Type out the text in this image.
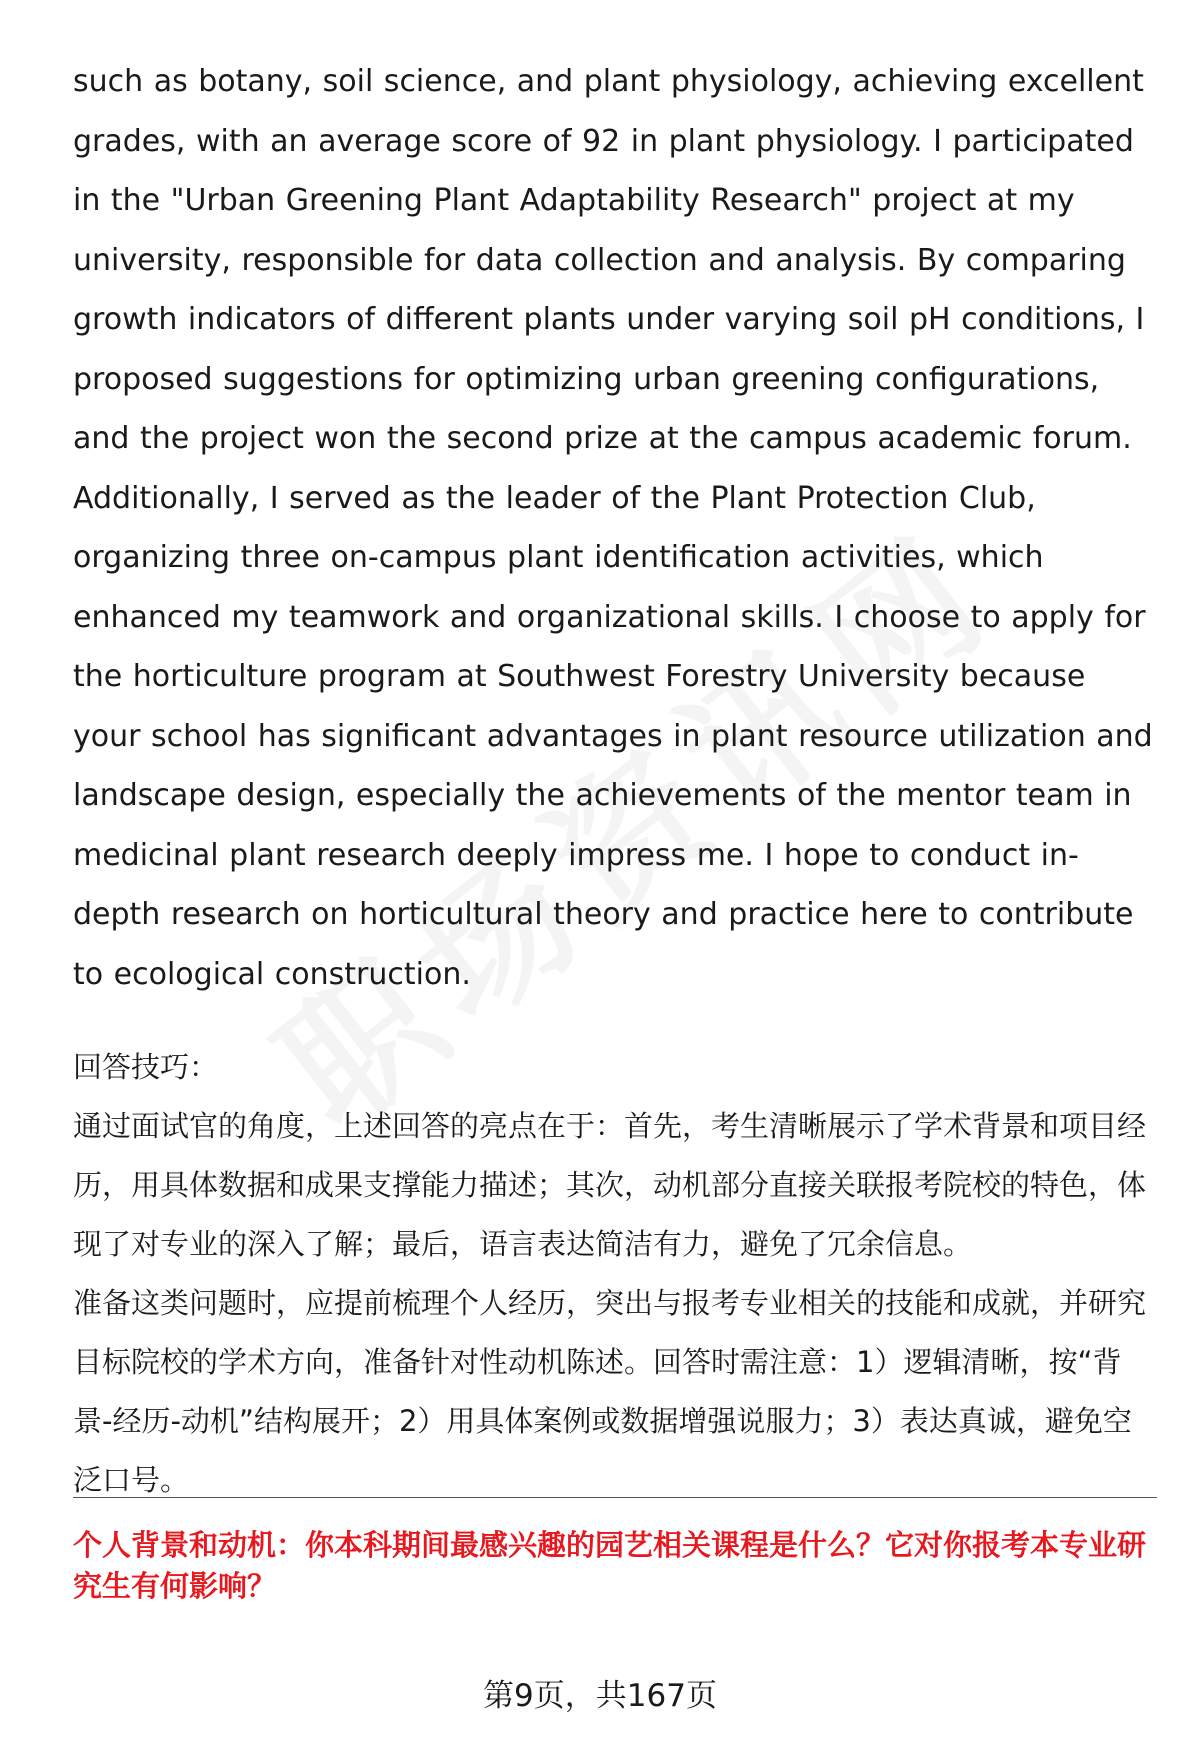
such as botany, soil science, and plant physiology, achieving excellent grades, with an average score of 92 in plant physiology. I participated in the "Urban Greening Plant Adaptability Research" project at my university, responsible for data collection and analysis. By comparing growth indicators of different plants under varying soil pH conditions, I proposed suggestions for optimizing urban greening configurations, and the project won the second prize at the campus academic forum. Additionally, I served as the leader of the Plant Protection Club, organizing three on-campus plant identification activities, which enhanced my teamwork and organizational skills. I choose to apply for the horticulture program at Southwest Forestry University because your school has significant advantages in plant resource utilization and landscape design, especially the achievements of the mentor team in medicinal plant research deeply impress me. I hope to conduct in-depth research on horticultural theory and practice here to contribute to ecological construction.

回答技巧：

通过面试官的角度，上述回答的亮点在于：首先，考生清晰展示了学术背景和项目经历，用具体数据和成果支撑能力描述；其次，动机部分直接关联报考院校的特色，体现了对专业的深入了解；最后，语言表达简洁有力，避免了冗余信息。

准备这类问题时，应提前梳理个人经历，突出与报考专业相关的技能和成就，并研究目标院校的学术方向，准备针对性动机陈述。回答时需注意：1）逻辑清晰，按“背景-经历-动机”结构展开；2）用具体案例或数据增强说服力；3）表达真诚，避免空泛口号。

个人背景和动机：你本科期间最感兴趣的园艺相关课程是什么？它对你报考本专业研究生有何影响？

第9页，共167页
